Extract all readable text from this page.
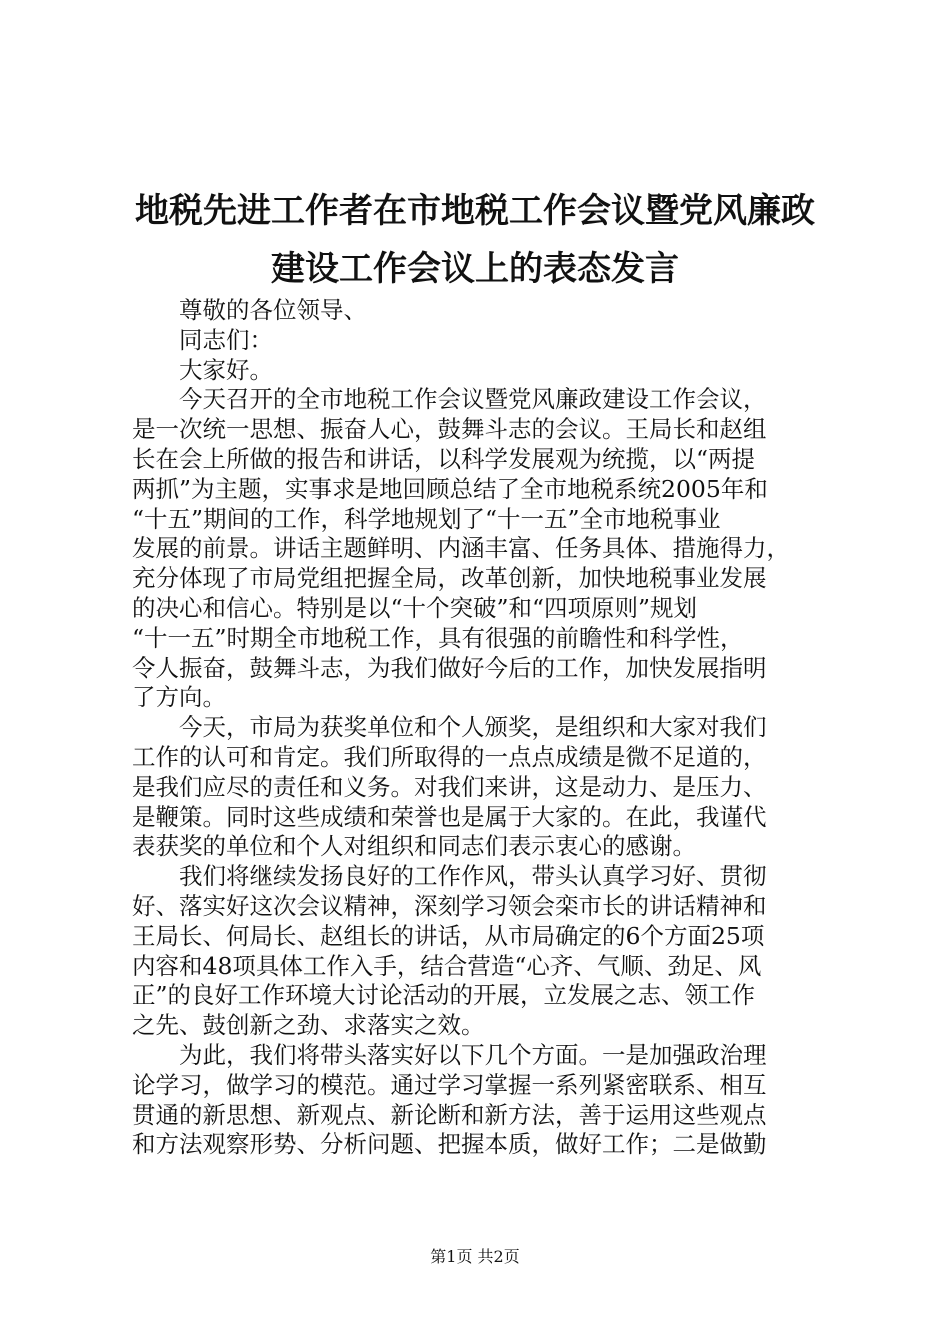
地税先进工作者在市地税工作会议暨党风廉政
建设工作会议上的表态发言

尊敬的各位领导、

同志们：

大家好。

今天召开的全市地税工作会议暨党风廉政建设工作会议，

是一次统一思想、振奋人心，鼓舞斗志的会议。王局长和赵组

长在会上所做的报告和讲话，以科学发展观为统揽，以“两提

两抓”为主题，实事求是地回顾总结了全市地税系统2005年和

“十五”期间的工作，科学地规划了“十一五”全市地税事业

发展的前景。讲话主题鲜明、内涵丰富、任务具体、措施得力，

充分体现了市局党组把握全局，改革创新，加快地税事业发展

的决心和信心。特别是以“十个突破”和“四项原则”规划

“十一五”时期全市地税工作，具有很强的前瞻性和科学性，

令人振奋，鼓舞斗志，为我们做好今后的工作，加快发展指明

了方向。

今天，市局为获奖单位和个人颁奖，是组织和大家对我们

工作的认可和肯定。我们所取得的一点点成绩是微不足道的，

是我们应尽的责任和义务。对我们来讲，这是动力、是压力、

是鞭策。同时这些成绩和荣誉也是属于大家的。在此，我谨代

表获奖的单位和个人对组织和同志们表示衷心的感谢。

我们将继续发扬良好的工作作风，带头认真学习好、贯彻

好、落实好这次会议精神，深刻学习领会栾市长的讲话精神和

王局长、何局长、赵组长的讲话，从市局确定的6个方面25项

内容和48项具体工作入手，结合营造“心齐、气顺、劲足、风

正”的良好工作环境大讨论活动的开展，立发展之志、领工作

之先、鼓创新之劲、求落实之效。

为此，我们将带头落实好以下几个方面。一是加强政治理

论学习，做学习的模范。通过学习掌握一系列紧密联系、相互

贯通的新思想、新观点、新论断和新方法，善于运用这些观点

和方法观察形势、分析问题、把握本质，做好工作；二是做勤

第1页 共2页
